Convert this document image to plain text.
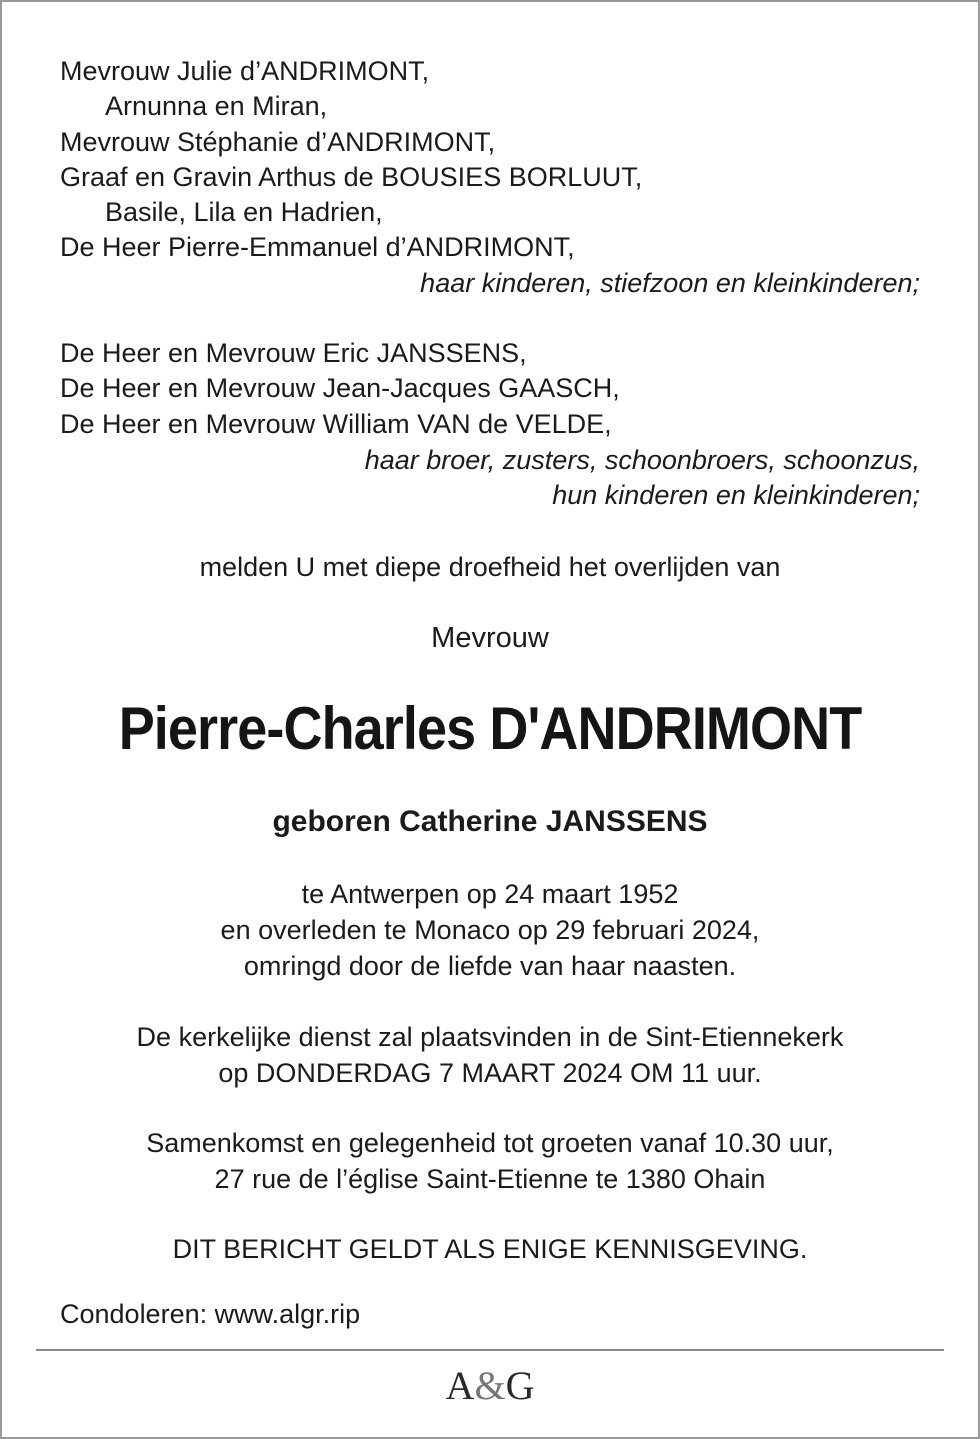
Mevrouw Julie d’ANDRIMONT,
Arnunna en Miran,
Mevrouw Stéphanie d’ANDRIMONT,
Graaf en Gravin Arthus de BOUSIES BORLUUT,
Basile, Lila en Hadrien,
De Heer Pierre-Emmanuel d’ANDRIMONT,
haar kinderen, stiefzoon en kleinkinderen;
De Heer en Mevrouw Eric JANSSENS,
De Heer en Mevrouw Jean-Jacques GAASCH,
De Heer en Mevrouw William VAN de VELDE,
haar broer, zusters, schoonbroers, schoonzus,
hun kinderen en kleinkinderen;
melden U met diepe droefheid het overlijden van
Mevrouw
Pierre-Charles D'ANDRIMONT
geboren Catherine JANSSENS
te Antwerpen op 24 maart 1952
en overleden te Monaco op 29 februari 2024,
omringd door de liefde van haar naasten.
De kerkelijke dienst zal plaatsvinden in de Sint-Etiennekerk
op DONDERDAG 7 MAART 2024 OM 11 uur.
Samenkomst en gelegenheid tot groeten vanaf 10.30 uur,
27 rue de l’église Saint-Etienne te 1380 Ohain
DIT BERICHT GELDT ALS ENIGE KENNISGEVING.
Condoleren: www.algr.rip
A&G
